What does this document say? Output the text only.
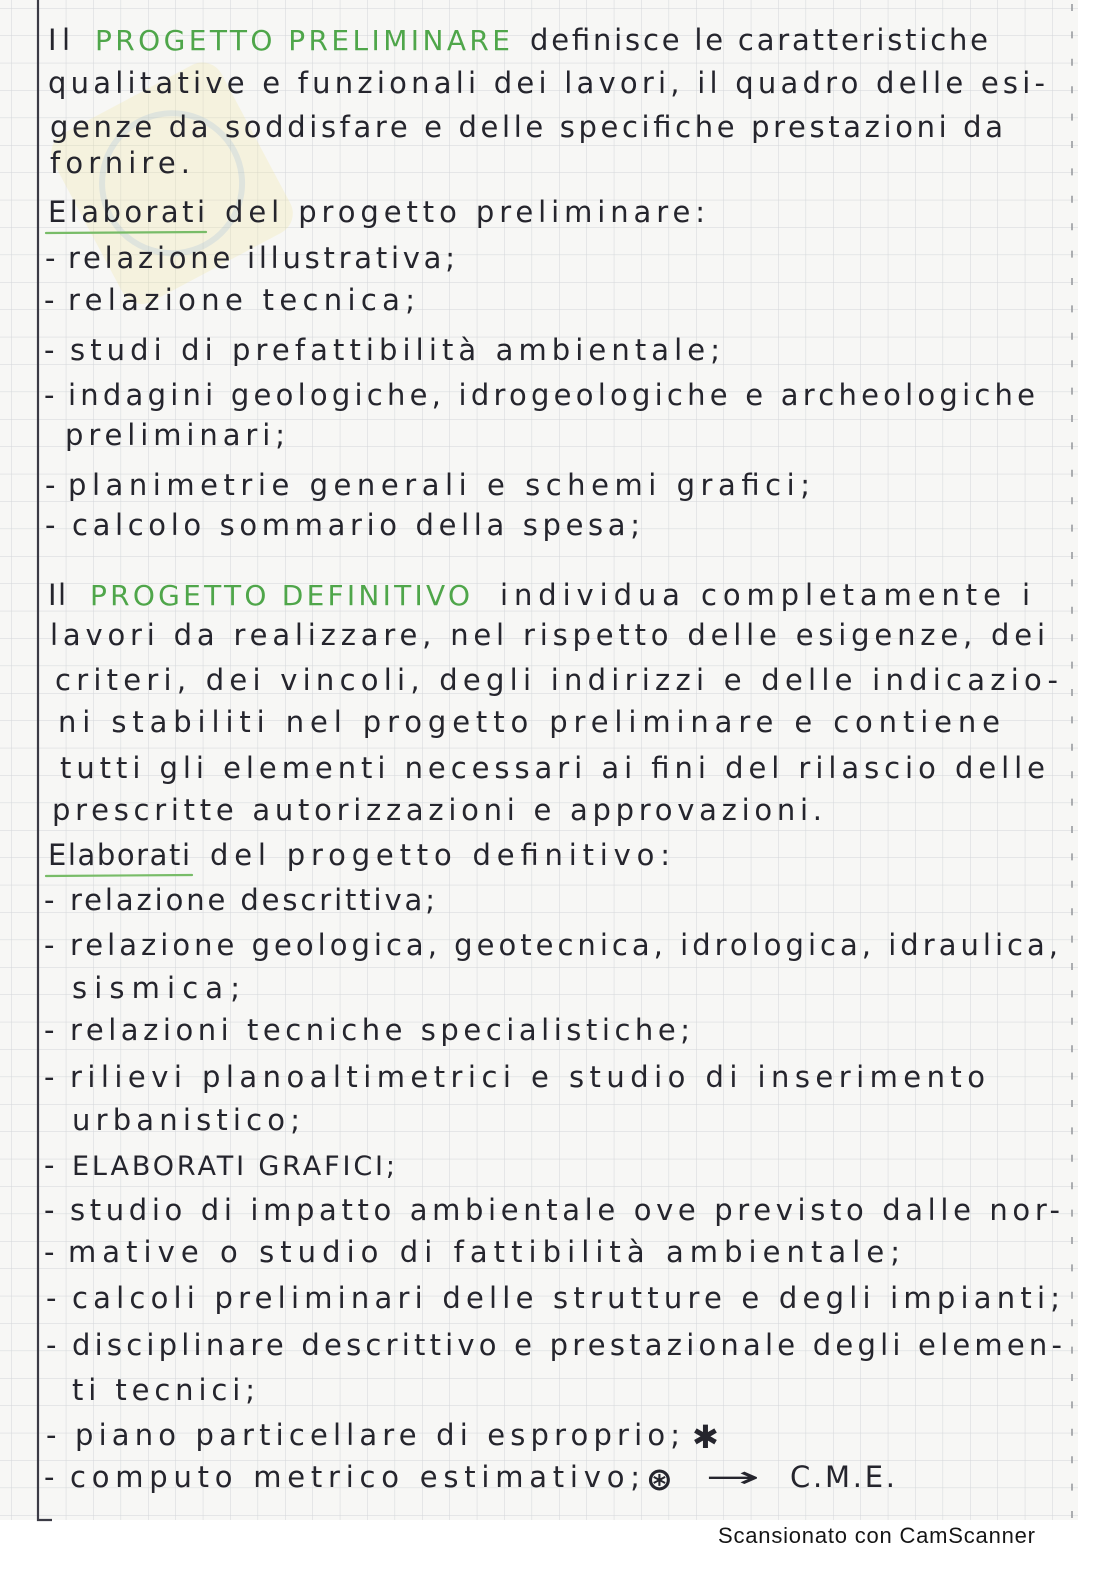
Il PROGETTO PRELIMINARE definisce le caratteristiche
qualitative e funzionali dei lavori, il quadro delle esi-
genze da soddisfare e delle specifiche prestazioni da
fornire.
Elaborati del progetto preliminare:
- relazione illustrativa;
- relazione tecnica;
- studi di prefattibilità ambientale;
- indagini geologiche, idrogeologiche e archeologiche
preliminari;
- planimetrie generali e schemi grafici;
- calcolo sommario della spesa;
Il PROGETTO DEFINITIVO individua completamente i
lavori da realizzare, nel rispetto delle esigenze, dei
criteri, dei vincoli, degli indirizzi e delle indicazio-
ni stabiliti nel progetto preliminare e contiene
tutti gli elementi necessari ai fini del rilascio delle
prescritte autorizzazioni e approvazioni.
Elaborati del progetto definitivo:
- relazione descrittiva;
- relazione geologica, geotecnica, idrologica, idraulica,
sismica;
- relazioni tecniche specialistiche;
- rilievi planoaltimetrici e studio di inserimento
urbanistico;
- ELABORATI GRAFICI;
- studio di impatto ambientale ove previsto dalle nor-
- mative o studio di fattibilità ambientale;
- calcoli preliminari delle strutture e degli impianti;
- disciplinare descrittivo e prestazionale degli elemen-
ti tecnici;
- piano particellare di esproprio; ✱
- computo metrico estimativo; ⊛ → C.M.E.
Scansionato con CamScanner
